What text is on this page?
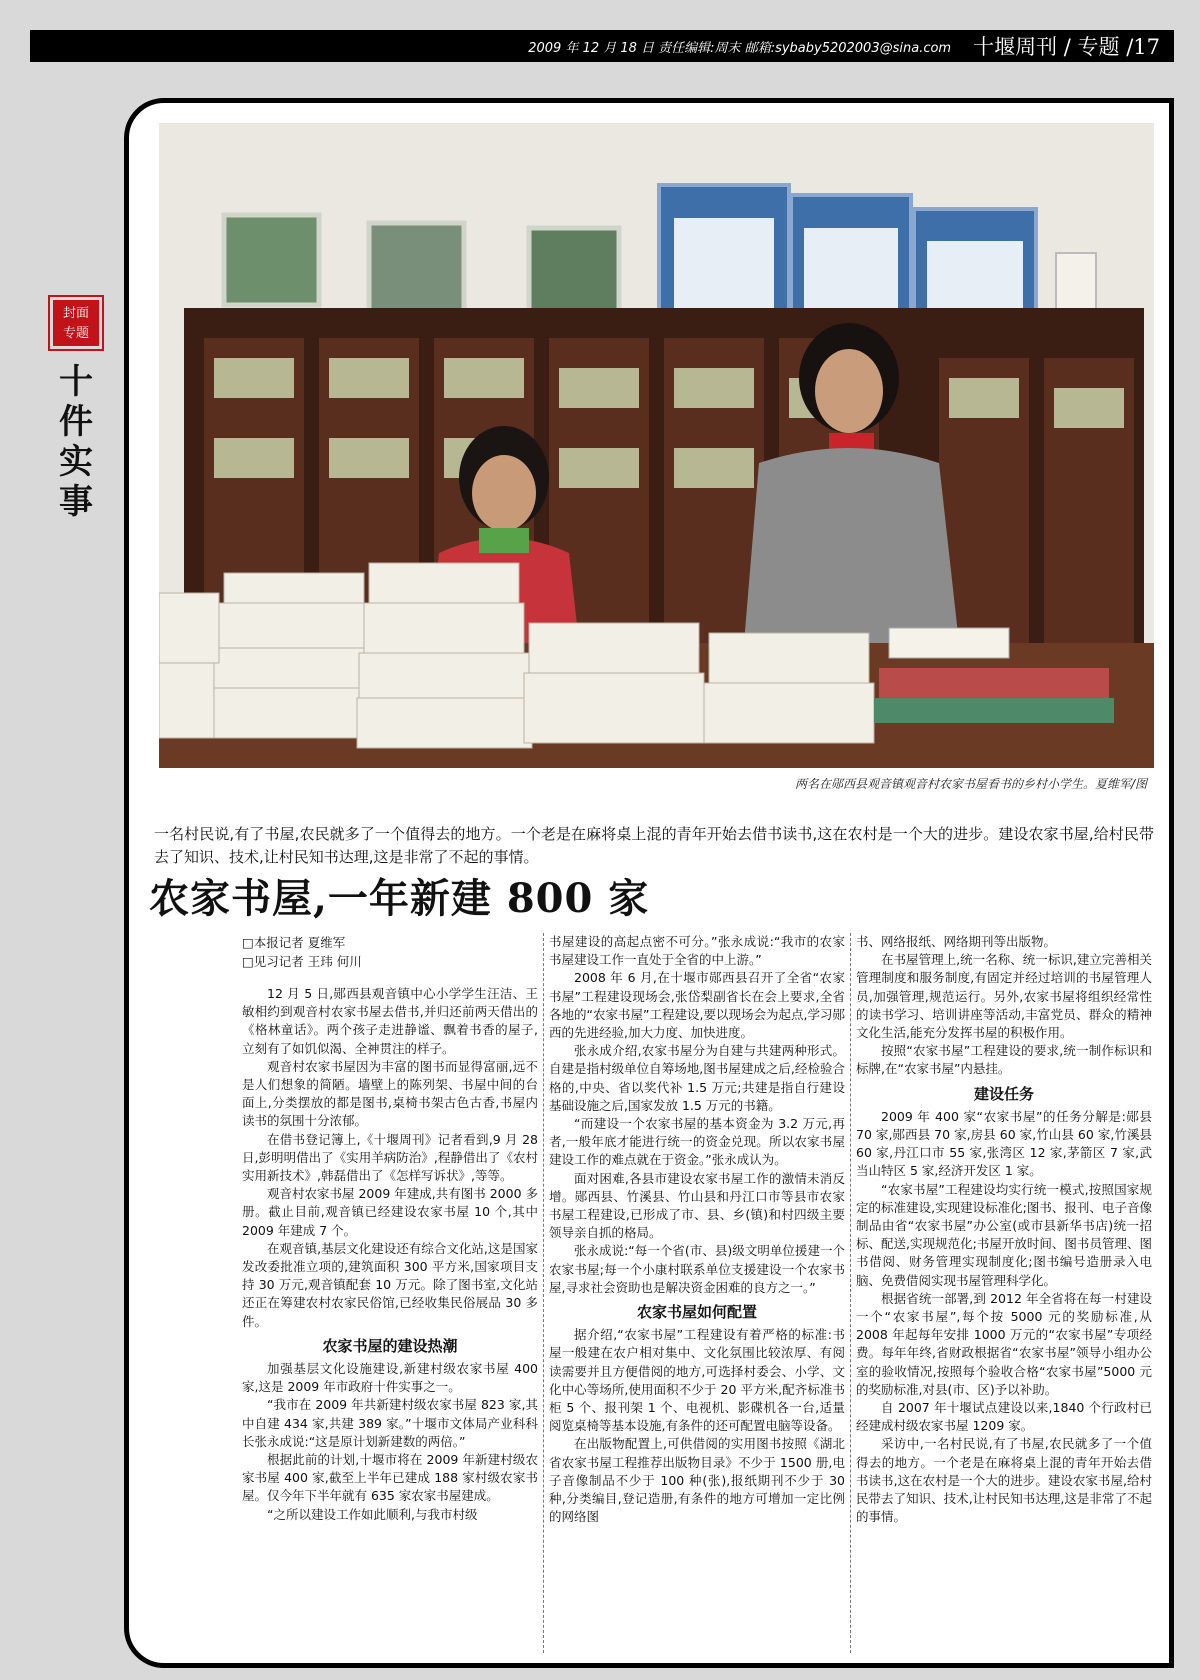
2009 年 12 月 18 日 责任编辑:周末 邮箱:sybaby5202003@sina.com 十堰周刊 / 专题 /17
封面
专题
十件实事
两名在郧西县观音镇观音村农家书屋看书的乡村小学生。夏维军/图
一名村民说,有了书屋,农民就多了一个值得去的地方。一个老是在麻将桌上混的青年开始去借书读书,这在农村是一个大的进步。建设农家书屋,给村民带去了知识、技术,让村民知书达理,这是非常了不起的事情。
农家书屋,一年新建 800 家
□本报记者 夏维军
□见习记者 王玮 何川

12 月 5 日,郧西县观音镇中心小学学生汪洁、王敏相约到观音村农家书屋去借书,并归还前两天借出的《格林童话》。两个孩子走进静谧、飘着书香的屋子,立刻有了如饥似渴、全神贯注的样子。

观音村农家书屋因为丰富的图书而显得富丽,远不是人们想象的简陋。墙壁上的陈列架、书屋中间的台面上,分类摆放的都是图书,桌椅书架古色古香,书屋内读书的氛围十分浓郁。

在借书登记簿上,《十堰周刊》记者看到,9 月 28 日,彭明明借出了《实用羊病防治》,程静借出了《农村实用新技术》,韩磊借出了《怎样写诉状》,等等。

观音村农家书屋 2009 年建成,共有图书 2000 多册。截止目前,观音镇已经建设农家书屋 10 个,其中 2009 年建成 7 个。

在观音镇,基层文化建设还有综合文化站,这是国家发改委批准立项的,建筑面积 300 平方米,国家项目支持 30 万元,观音镇配套 10 万元。除了图书室,文化站还正在筹建农村农家民俗馆,已经收集民俗展品 30 多件。

农家书屋的建设热潮

加强基层文化设施建设,新建村级农家书屋 400 家,这是 2009 年市政府十件实事之一。

“我市在 2009 年共新建村级农家书屋 823 家,其中自建 434 家,共建 389 家。”十堰市文体局产业科科长张永成说:“这是原计划新建数的两倍。”

根据此前的计划,十堰市将在 2009 年新建村级农家书屋 400 家,截至上半年已建成 188 家村级农家书屋。仅今年下半年就有 635 家农家书屋建成。

“之所以建设工作如此顺利,与我市村级

书屋建设的高起点密不可分。”张永成说:“我市的农家书屋建设工作一直处于全省的中上游。”

2008 年 6 月,在十堰市郧西县召开了全省“农家书屋”工程建设现场会,张岱梨副省长在会上要求,全省各地的“农家书屋”工程建设,要以现场会为起点,学习郧西的先进经验,加大力度、加快进度。

张永成介绍,农家书屋分为自建与共建两种形式。自建是指村级单位自筹场地,图书屋建成之后,经检验合格的,中央、省以奖代补 1.5 万元;共建是指自行建设基础设施之后,国家发放 1.5 万元的书籍。

“而建设一个农家书屋的基本资金为 3.2 万元,再者,一般年底才能进行统一的资金兑现。所以农家书屋建设工作的难点就在于资金。”张永成认为。

面对困难,各县市建设农家书屋工作的激情未消反增。郧西县、竹溪县、竹山县和丹江口市等县市农家书屋工程建设,已形成了市、县、乡(镇)和村四级主要领导亲自抓的格局。

张永成说:“每一个省(市、县)级文明单位援建一个农家书屋;每一个小康村联系单位支援建设一个农家书屋,寻求社会资助也是解决资金困难的良方之一。”

农家书屋如何配置

据介绍,“农家书屋”工程建设有着严格的标准:书屋一般建在农户相对集中、文化氛围比较浓厚、有阅读需要并且方便借阅的地方,可选择村委会、小学、文化中心等场所,使用面积不少于 20 平方米,配齐标准书柜 5 个、报刊架 1 个、电视机、影碟机各一台,适量阅览桌椅等基本设施,有条件的还可配置电脑等设备。

在出版物配置上,可供借阅的实用图书按照《湖北省农家书屋工程推荐出版物目录》不少于 1500 册,电子音像制品不少于 100 种(张),报纸期刊不少于 30 种,分类编目,登记造册,有条件的地方可增加一定比例的网络图

书、网络报纸、网络期刊等出版物。

在书屋管理上,统一名称、统一标识,建立完善相关管理制度和服务制度,有固定并经过培训的书屋管理人员,加强管理,规范运行。另外,农家书屋将组织经常性的读书学习、培训讲座等活动,丰富党员、群众的精神文化生活,能充分发挥书屋的积极作用。

按照“农家书屋”工程建设的要求,统一制作标识和标牌,在“农家书屋”内悬挂。

建设任务

2009 年 400 家“农家书屋”的任务分解是:郧县 70 家,郧西县 70 家,房县 60 家,竹山县 60 家,竹溪县 60 家,丹江口市 55 家,张湾区 12 家,茅箭区 7 家,武当山特区 5 家,经济开发区 1 家。

“农家书屋”工程建设均实行统一模式,按照国家规定的标准建设,实现建设标准化;图书、报刊、电子音像制品由省“农家书屋”办公室(或市县新华书店)统一招标、配送,实现规范化;书屋开放时间、图书员管理、图书借阅、财务管理实现制度化;图书编号造册录入电脑、免费借阅实现书屋管理科学化。

根据省统一部署,到 2012 年全省将在每一村建设一个“农家书屋”,每个按 5000 元的奖励标准,从 2008 年起每年安排 1000 万元的“农家书屋”专项经费。每年年终,省财政根据省“农家书屋”领导小组办公室的验收情况,按照每个验收合格“农家书屋”5000 元的奖励标准,对县(市、区)予以补助。

自 2007 年十堰试点建设以来,1840 个行政村已经建成村级农家书屋 1209 家。

采访中,一名村民说,有了书屋,农民就多了一个值得去的地方。一个老是在麻将桌上混的青年开始去借书读书,这在农村是一个大的进步。建设农家书屋,给村民带去了知识、技术,让村民知书达理,这是非常了不起的事情。
